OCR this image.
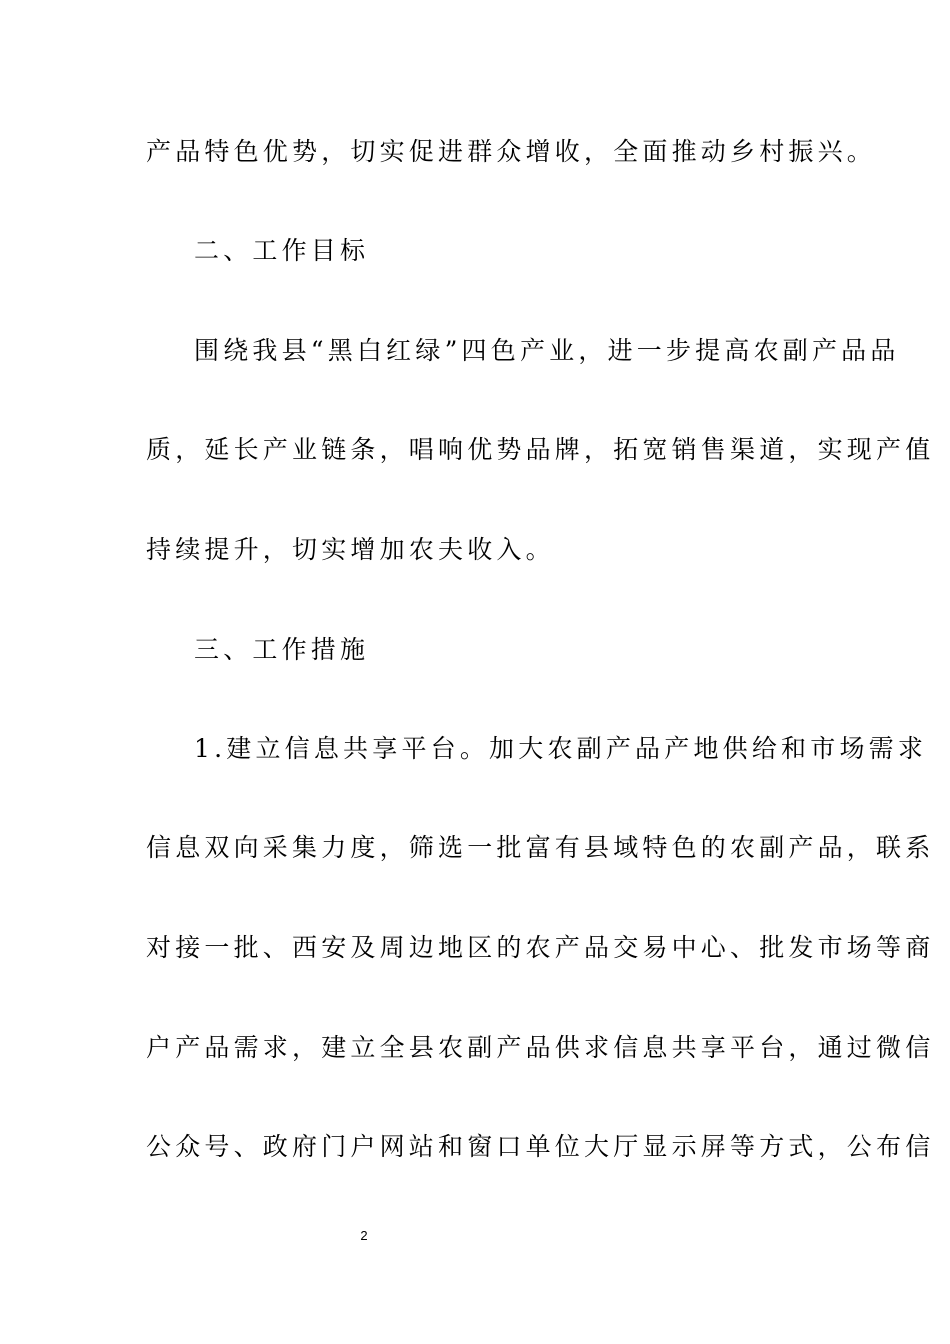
产品特色优势，切实促进群众增收，全面推动乡村振兴。
二、工作目标
围绕我县“黑白红绿”四色产业，进一步提高农副产品品
质，延长产业链条，唱响优势品牌，拓宽销售渠道，实现产值
持续提升，切实增加农夫收入。
三、工作措施
1.建立信息共享平台。加大农副产品产地供给和市场需求
信息双向采集力度，筛选一批富有县域特色的农副产品，联系
对接一批、西安及周边地区的农产品交易中心、批发市场等商
户产品需求，建立全县农副产品供求信息共享平台，通过微信
公众号、政府门户网站和窗口单位大厅显示屏等方式，公布信
2
